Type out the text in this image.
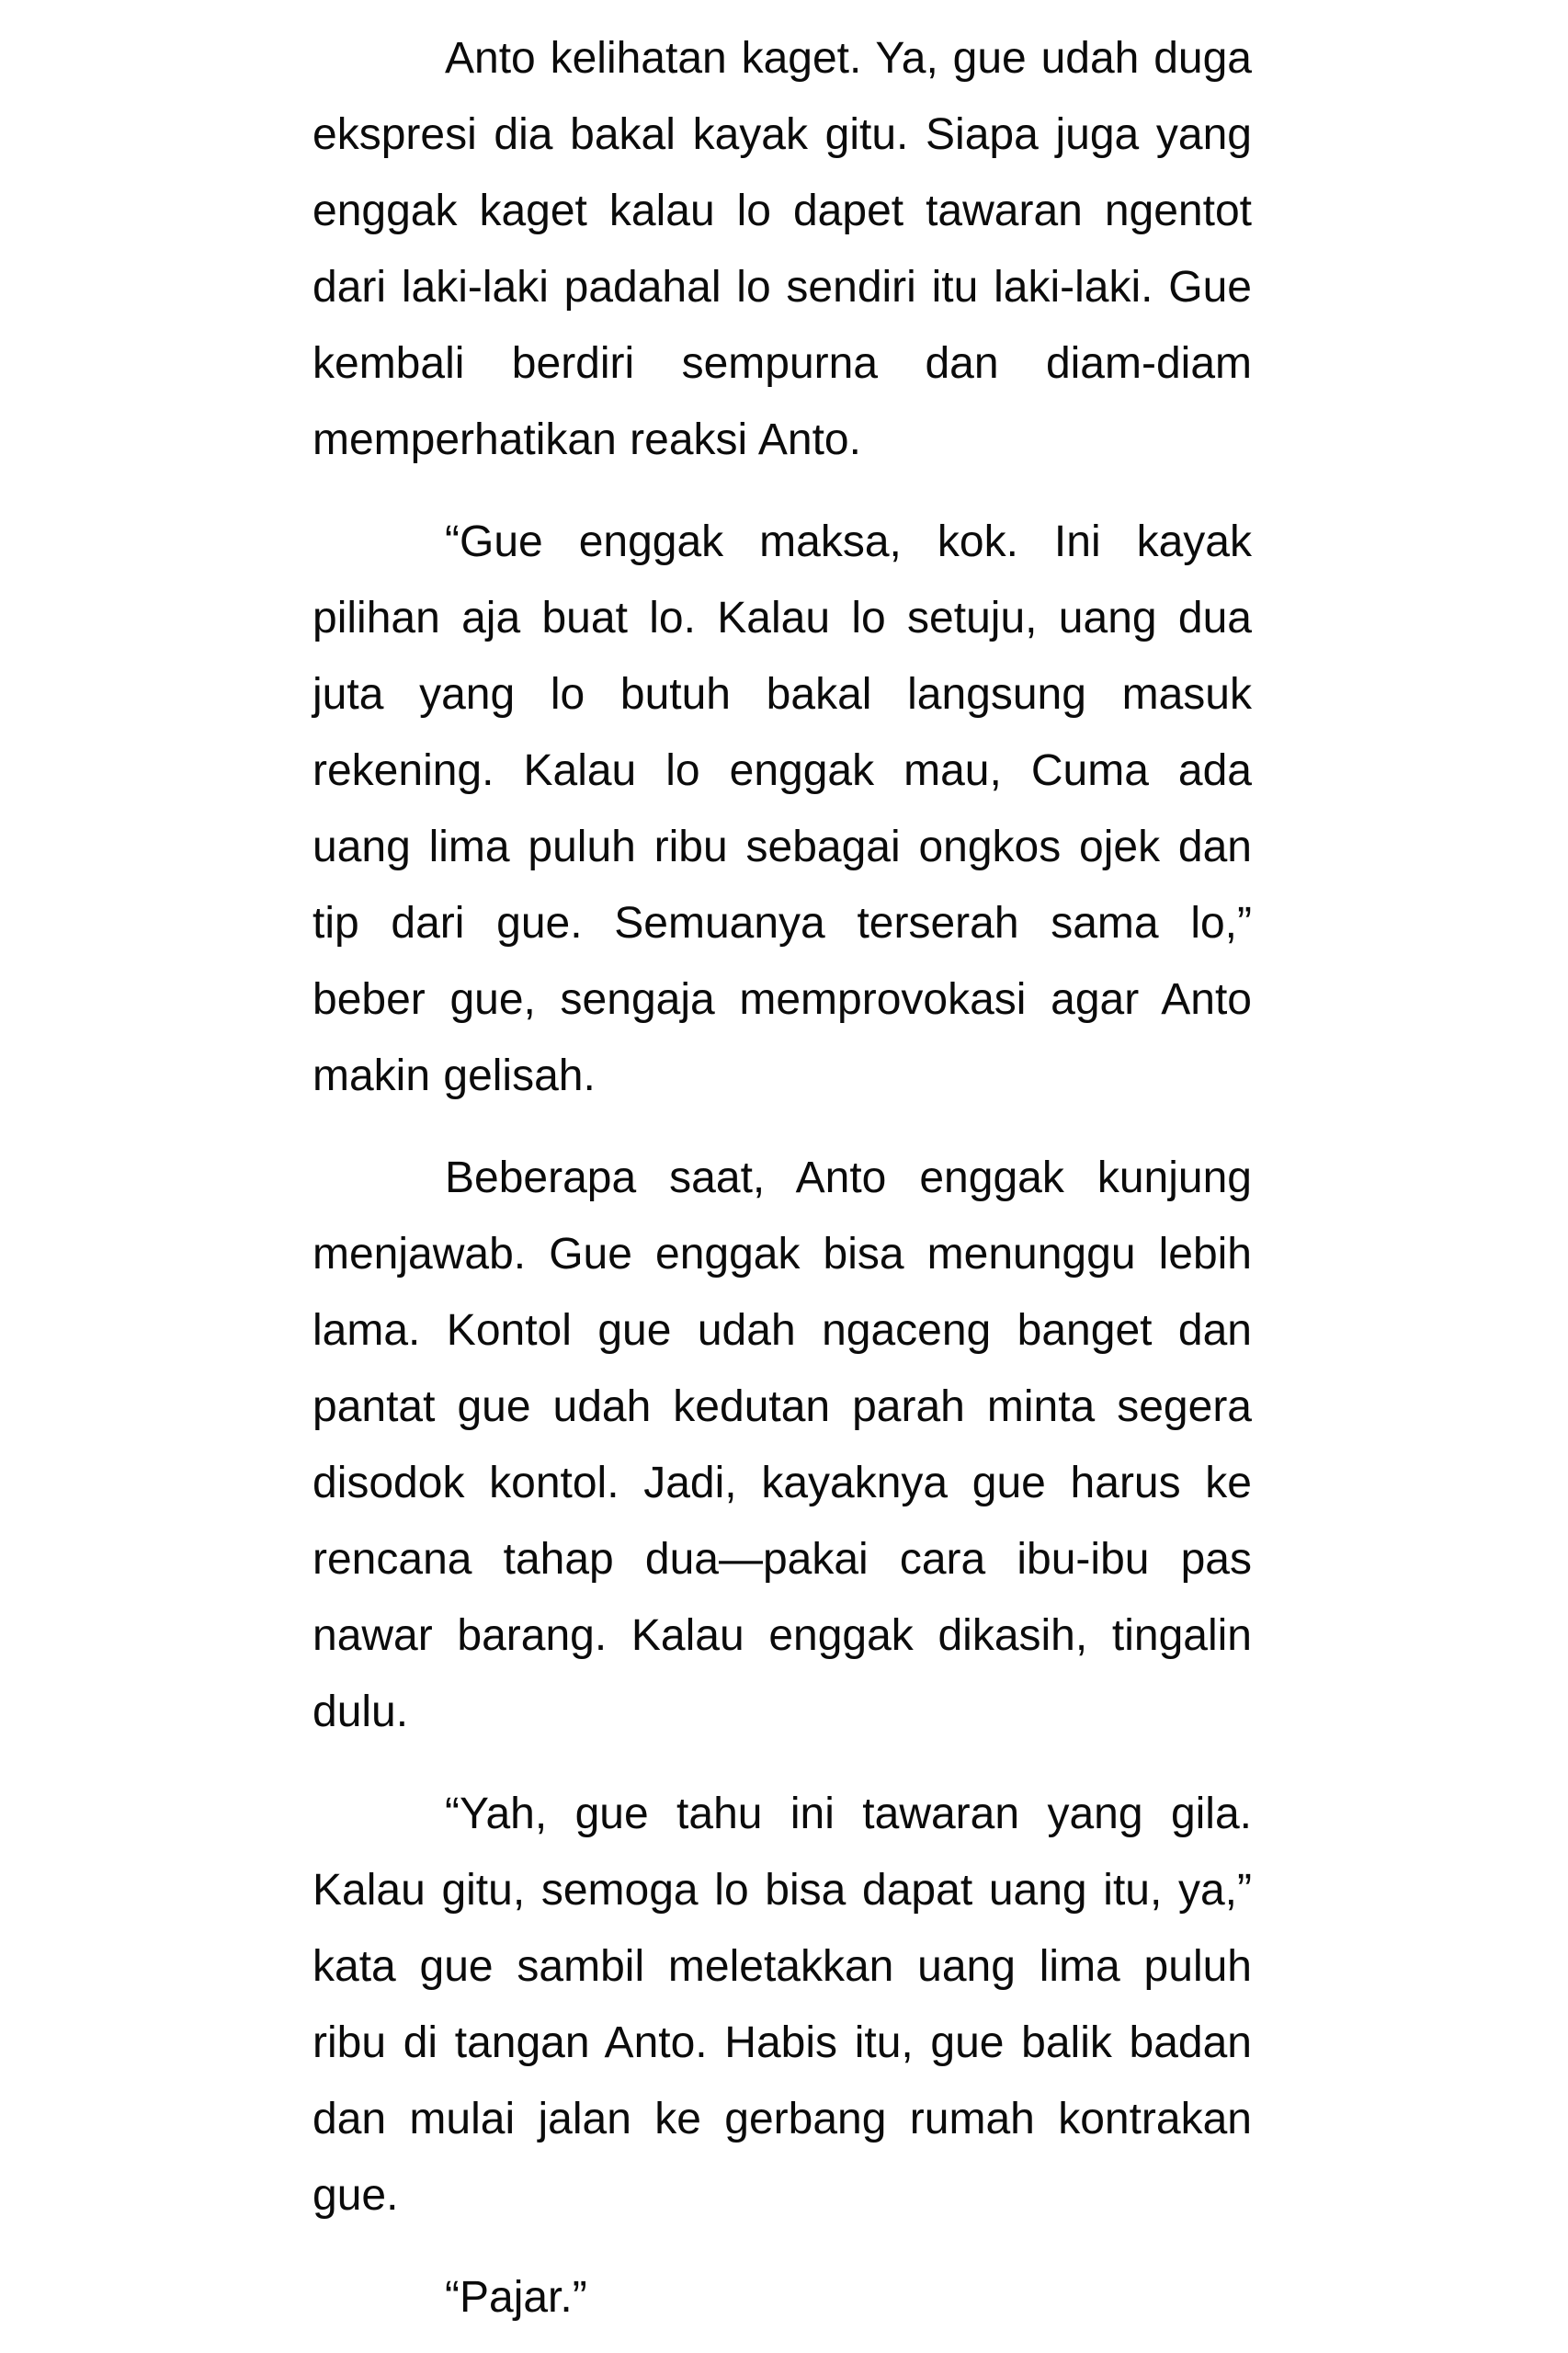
Anto kelihatan kaget. Ya, gue udah duga ekspresi dia bakal kayak gitu. Siapa juga yang enggak kaget kalau lo dapet tawaran ngentot dari laki-laki padahal lo sendiri itu laki-laki. Gue kembali berdiri sempurna dan diam-diam memperhatikan reaksi Anto.

“Gue enggak maksa, kok. Ini kayak pilihan aja buat lo. Kalau lo setuju, uang dua juta yang lo butuh bakal langsung masuk rekening. Kalau lo enggak mau, Cuma ada uang lima puluh ribu sebagai ongkos ojek dan tip dari gue. Semuanya terserah sama lo,” beber gue, sengaja memprovokasi agar Anto makin gelisah.

Beberapa saat, Anto enggak kunjung menjawab. Gue enggak bisa menunggu lebih lama. Kontol gue udah ngaceng banget dan pantat gue udah kedutan parah minta segera disodok kontol. Jadi, kayaknya gue harus ke rencana tahap dua—pakai cara ibu-ibu pas nawar barang. Kalau enggak dikasih, tingalin dulu.

“Yah, gue tahu ini tawaran yang gila. Kalau gitu, semoga lo bisa dapat uang itu, ya,” kata gue sambil meletakkan uang lima puluh ribu di tangan Anto. Habis itu, gue balik badan dan mulai jalan ke gerbang rumah kontrakan gue.

“Pajar.”
